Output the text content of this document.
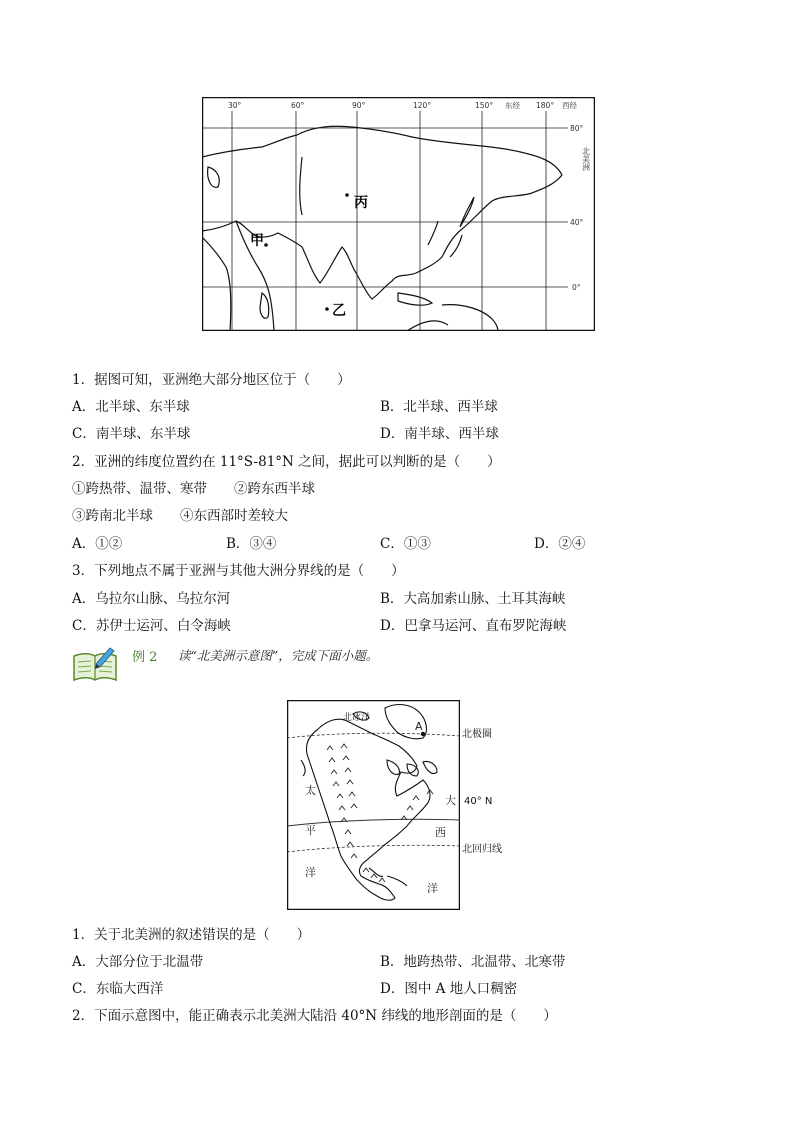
30°	60°	90°	120°	150° 东经 180° 西经
80°
40°
0°
北美洲
丙
甲
乙
1．据图可知，亚洲绝大部分地区位于（　　）
A．北半球、东半球	B．北半球、西半球
C．南半球、东半球	D．南半球、西半球
2．亚洲的纬度位置约在 11°S-81°N 之间，据此可以判断的是（　　）
①跨热带、温带、寒带　　②跨东西半球
③跨南北半球　　④东西部时差较大
A．①②	B．③④	C．①③	D．②④
3．下列地点不属于亚洲与其他大洲分界线的是（　　）
A．乌拉尔山脉、乌拉尔河	B．大高加索山脉、土耳其海峡
C．苏伊士运河、白令海峡	D．巴拿马运河、直布罗陀海峡
例 2 读“北美洲示意图”，完成下面小题。
北冰洋
A
太
平
洋
大
西
洋
北极圈
40° N
北回归线
1．关于北美洲的叙述错误的是（　　）
A．大部分位于北温带	B．地跨热带、北温带、北寒带
C．东临大西洋	D．图中 A 地人口稠密
2．下面示意图中，能正确表示北美洲大陆沿 40°N 纬线的地形剖面的是（　　）
